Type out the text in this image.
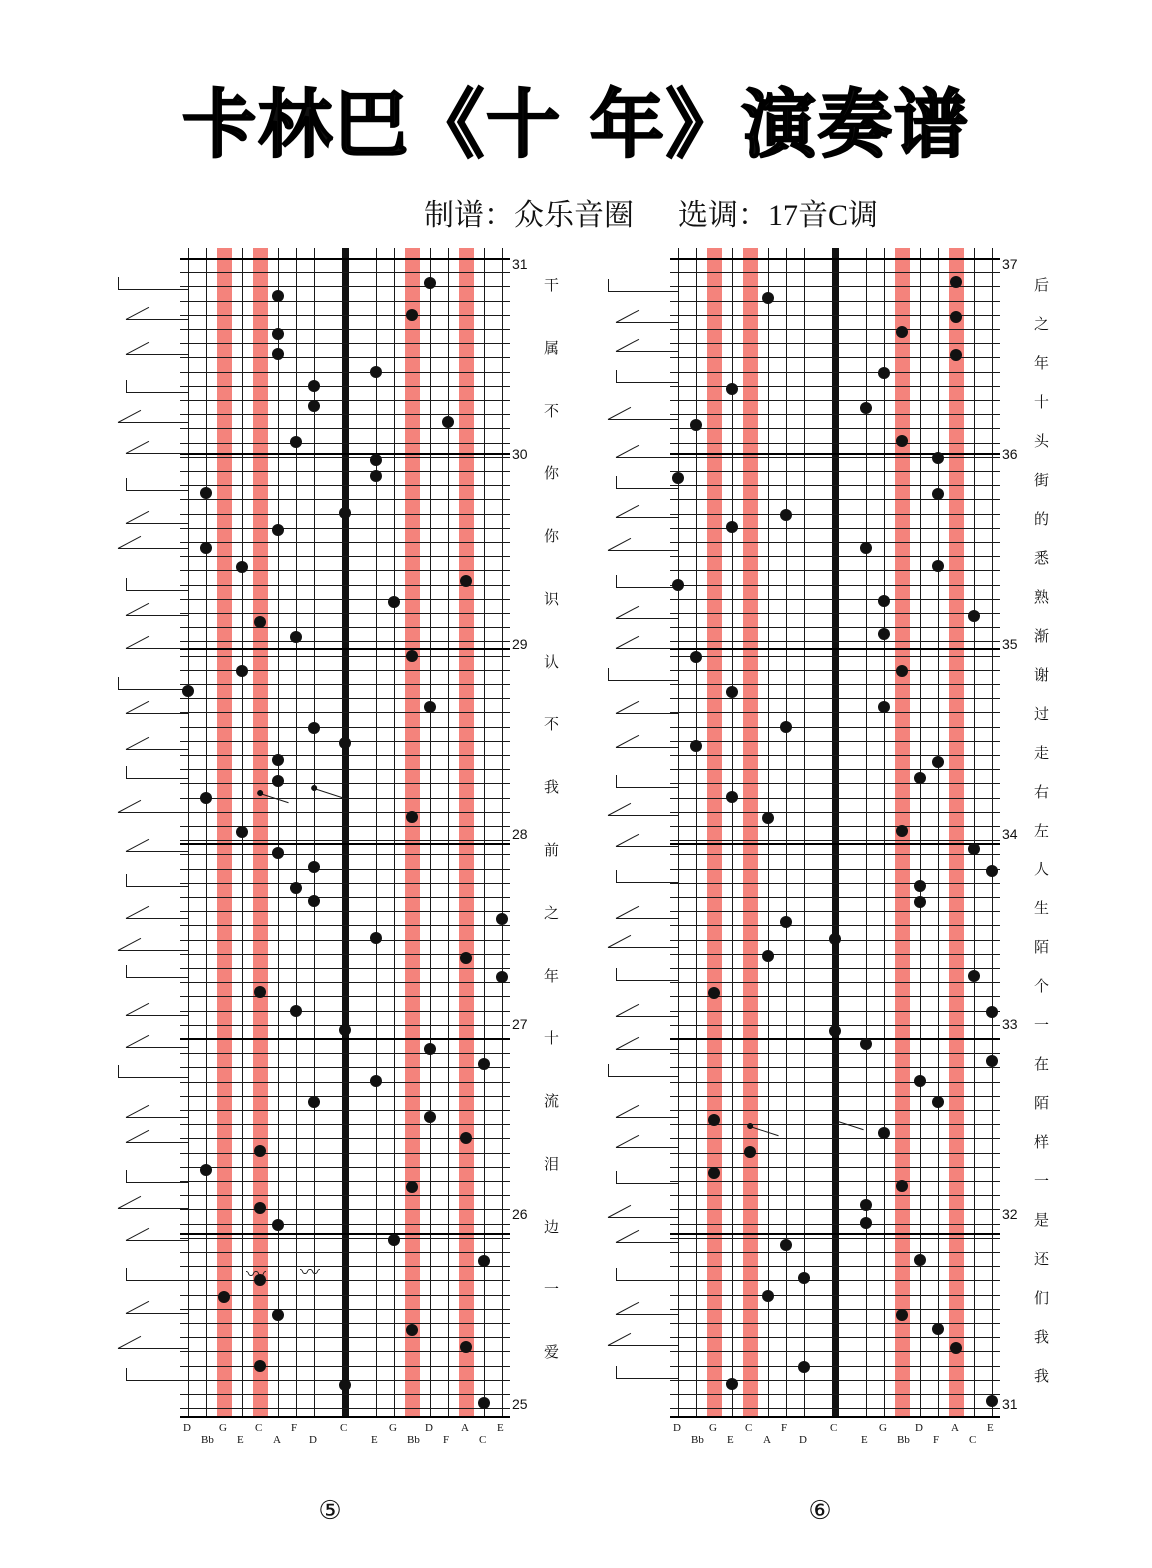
卡林巴《十 年》演奏谱
制谱：众乐音圈 选调：17音C调
〰 〰
31
30
29
28
27
26
25
干
属
不
你
你
识
认
不
我
前
之
年
十
流
泪
边
一
爱
D
Bb
G
E
C
A
F
D
C
E
G
Bb
D
F
A
C
E
⑤
37
36
35
34
33
32
31
后
之
年
十
头
街
的
悉
熟
渐
谢
过
走
右
左
人
生
陌
个
一
在
陌
样
一
是
还
们
我
我
D
Bb
G
E
C
A
F
D
C
E
G
Bb
D
F
A
C
E
⑥
